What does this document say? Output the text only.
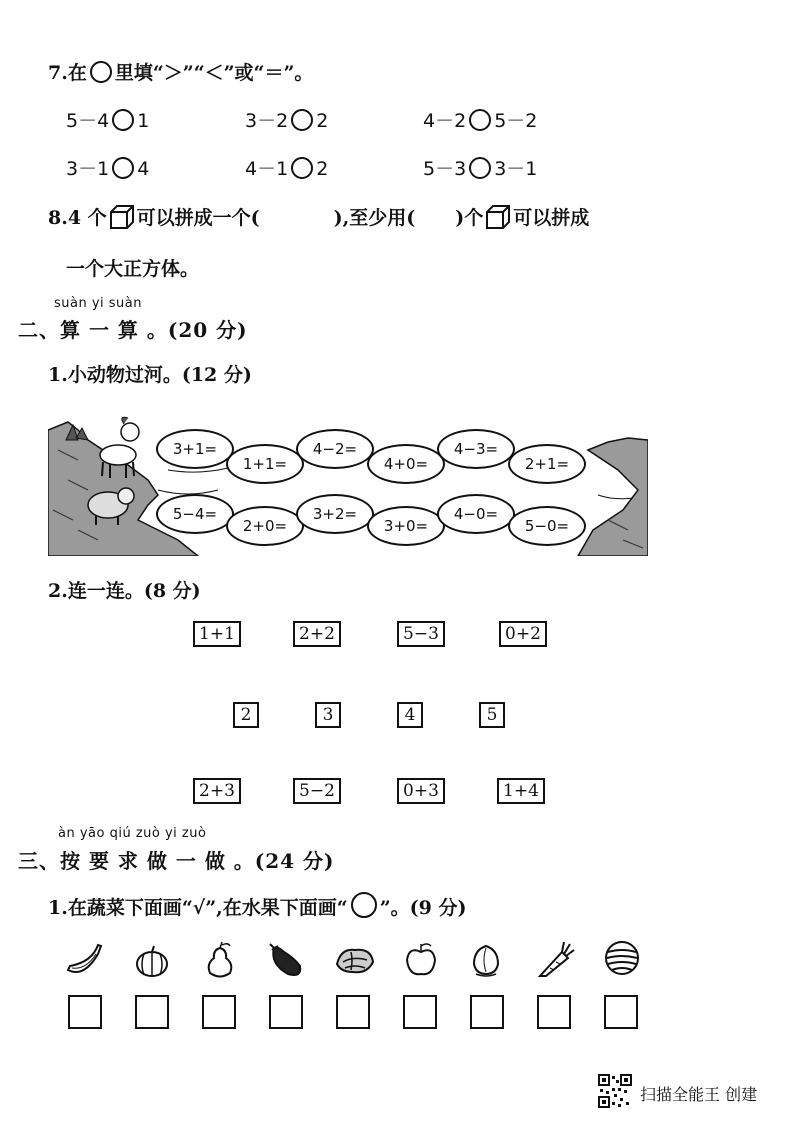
7.在 里填“＞”“＜”或“＝”。
5－4 1	3－2 2	4－2 5－2
3－1 4	4－1 2	5－3 3－1
8.4 个 可以拼成一个(	),至少用( )个 可以拼成
一个大正方体。
suàn yi suàn
二、算 一 算 。(20 分)
1.小动物过河。(12 分)
3+1=
1+1=
4−2=
4+0=
4−3=
2+1=
5−4=
2+0=
3+2=
3+0=
4−0=
5−0=
2.连一连。(8 分)
1+1	2+2	5−3	0+2
2	3	4	5
2+3	5−2	0+3	1+4
àn yāo qiú zuò yi zuò
三、按 要 求 做 一 做 。(24 分)
1.在蔬菜下面画“√”,在水果下面画“ ”。(9 分)
扫描全能王 创建
